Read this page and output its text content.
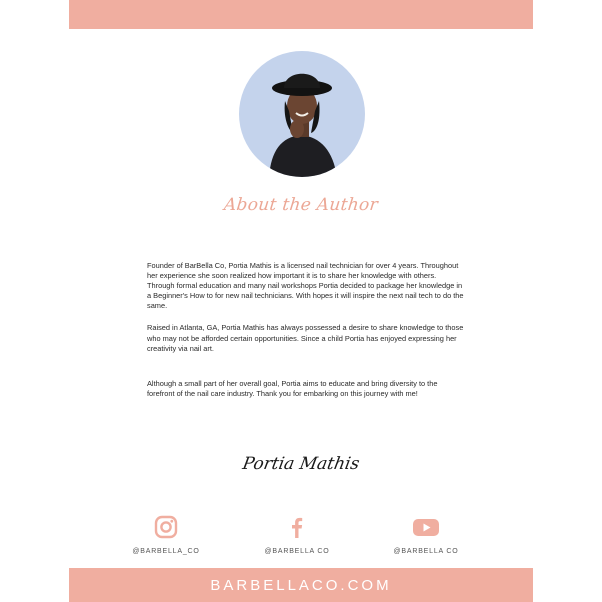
About the Author

Founder of BarBella Co, Portia Mathis is a licensed nail technician for over 4 years. Throughout her experience she soon realized how important it is to share her knowledge with others. Through formal education and many nail workshops Portia decided to package her knowledge in a Beginner's How to for new nail technicians. With hopes it will inspire the next nail tech to do the same.

Raised in Atlanta, GA, Portia Mathis has always possessed a desire to share knowledge to those who may not be afforded certain opportunities. Since a child Portia has enjoyed expressing her creativity via nail art.

Although a small part of her overall goal, Portia aims to educate and bring diversity to the forefront of the nail care industry. Thank you for embarking on this journey with me!

Portia Mathis
@BARBELLA_CO	@BARBELLA CO	@BARBELLA CO
BARBELLACO.COM
